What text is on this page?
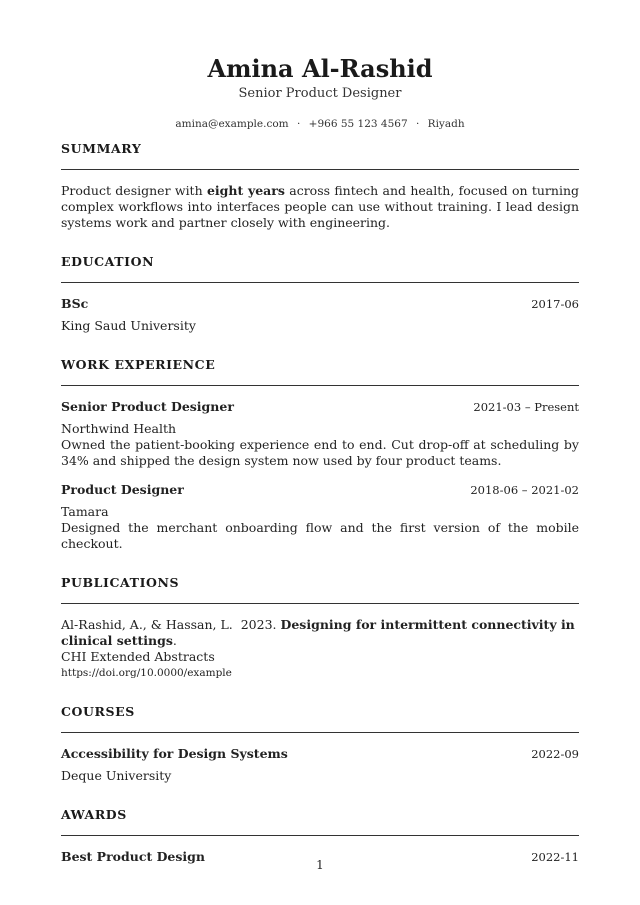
Amina Al-Rashid
Senior Product Designer
amina@example.com · +966 55 123 4567 · Riyadh
SUMMARY

Product designer with eight years across fintech and health, focused on turning complex workflows into interfaces people can use without training. I lead design systems work and partner closely with engineering.

EDUCATION
BSc	2017-06
King Saud University
WORK EXPERIENCE
Senior Product Designer	2021-03 – Present
Northwind Health
Owned the patient-booking experience end to end. Cut drop-off at scheduling by 34% and shipped the design system now used by four product teams.
Product Designer	2018-06 – 2021-02
Tamara
Designed the merchant onboarding flow and the first version of the mobile checkout.
PUBLICATIONS
Al-Rashid, A., & Hassan, L. 2023. Designing for intermittent connectivity in clinical settings.
CHI Extended Abstracts
https://doi.org/10.0000/example
COURSES
Accessibility for Design Systems	2022-09
Deque University
AWARDS
Best Product Design	2022-11
1
